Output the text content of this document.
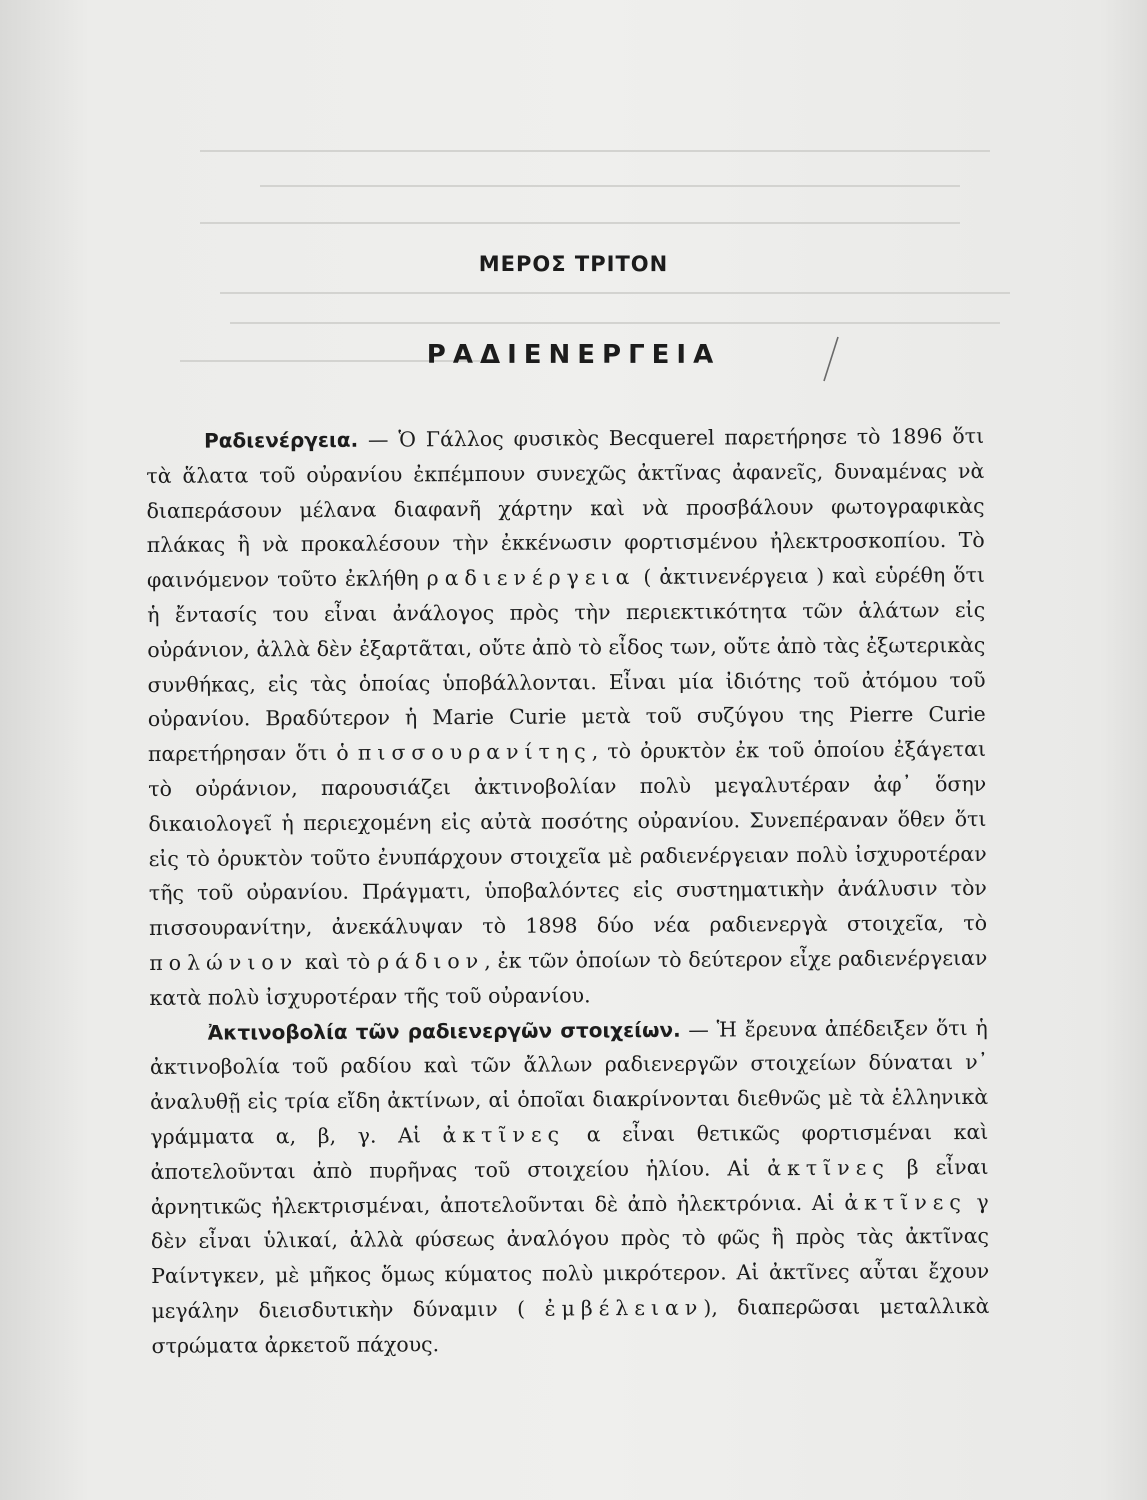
ΜΕΡΟΣ ΤΡΙΤΟΝ
ΡΑΔΙΕΝΕΡΓΕΙΑ

Ραδιενέργεια. — Ὁ Γάλλος φυσικὸς Becquerel παρετήρησε τὸ 1896 ὅτι τὰ ἅλατα τοῦ οὐρανίου ἐκπέμπουν συνεχῶς ἀκτῖνας ἀφανεῖς, δυναμένας νὰ διαπεράσουν μέλανα διαφανῆ χάρτην καὶ νὰ προσβάλουν φωτογραφικὰς πλάκας ἢ νὰ προκαλέσουν τὴν ἐκκένωσιν φορτισμένου ἠλεκτροσκοπίου. Τὸ φαινόμενον τοῦτο ἐκλήθη ραδιενέργεια ( ἀκτινενέργεια ) καὶ εὑρέθη ὅτι ἡ ἔντασίς του εἶναι ἀνάλογος πρὸς τὴν περιεκτικότητα τῶν ἁλάτων εἰς οὐράνιον, ἀλλὰ δὲν ἐξαρτᾶται, οὔτε ἀπὸ τὸ εἶδος των, οὔτε ἀπὸ τὰς ἐξωτερικὰς συνθήκας, εἰς τὰς ὁποίας ὑποβάλλονται. Εἶναι μία ἰδιότης τοῦ ἀτόμου τοῦ οὐρανίου. Βραδύτερον ἡ Marie Curie μετὰ τοῦ συζύγου της Pierre Curie παρετήρησαν ὅτι ὁ πισσουρανίτης, τὸ ὀρυκτὸν ἐκ τοῦ ὁποίου ἐξάγεται τὸ οὐράνιον, παρουσιάζει ἀκτινοβολίαν πολὺ μεγαλυτέραν ἀφ᾽ ὅσην δικαιολογεῖ ἡ περιεχομένη εἰς αὐτὰ ποσότης οὐρανίου. Συνεπέραναν ὅθεν ὅτι εἰς τὸ ὀρυκτὸν τοῦτο ἐνυπάρχουν στοιχεῖα μὲ ραδιενέργειαν πολὺ ἰσχυροτέραν τῆς τοῦ οὐρανίου. Πράγματι, ὑποβαλόντες εἰς συστηματικὴν ἀνάλυσιν τὸν πισσουρανίτην, ἀνεκάλυψαν τὸ 1898 δύο νέα ραδιενεργὰ στοιχεῖα, τὸ πολώνιον καὶ τὸ ράδιον, ἐκ τῶν ὁποίων τὸ δεύτερον εἶχε ραδιενέργειαν κατὰ πολὺ ἰσχυροτέραν τῆς τοῦ οὐρανίου.

Ἀκτινοβολία τῶν ραδιενεργῶν στοιχείων. — Ἡ ἔρευνα ἀπέδειξεν ὅτι ἡ ἀκτινοβολία τοῦ ραδίου καὶ τῶν ἄλλων ραδιενεργῶν στοιχείων δύναται ν᾽ ἀναλυθῇ εἰς τρία εἴδη ἀκτίνων, αἱ ὁποῖαι διακρίνονται διεθνῶς μὲ τὰ ἑλληνικὰ γράμματα α, β, γ. Αἱ ἀκτῖνες α εἶναι θετικῶς φορτισμέναι καὶ ἀποτελοῦνται ἀπὸ πυρῆνας τοῦ στοιχείου ἡλίου. Αἱ ἀκτῖνες β εἶναι ἀρνητικῶς ἠλεκτρισμέναι, ἀποτελοῦνται δὲ ἀπὸ ἠλεκτρόνια. Αἱ ἀκτῖνες γ δὲν εἶναι ὑλικαί, ἀλλὰ φύσεως ἀναλόγου πρὸς τὸ φῶς ἢ πρὸς τὰς ἀκτῖνας Ραίντγκεν, μὲ μῆκος ὅμως κύματος πολὺ μικρότερον. Αἱ ἀκτῖνες αὗται ἔχουν μεγάλην διεισδυτικὴν δύναμιν ( ἐμβέλειαν), διαπερῶσαι μεταλλικὰ στρώματα ἀρκετοῦ πάχους.
